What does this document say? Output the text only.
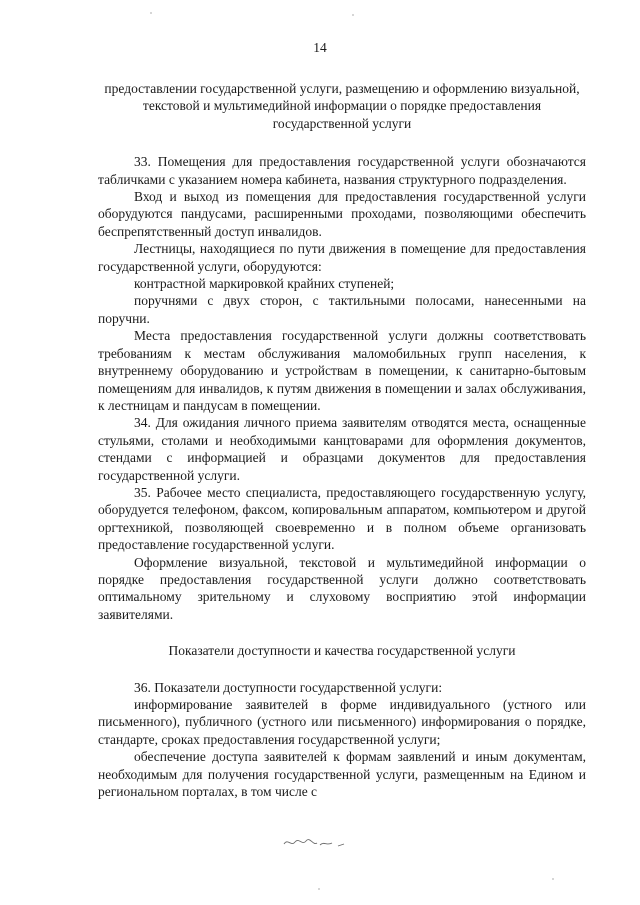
14

предоставлении государственной услуги, размещению и оформлению визуальной, текстовой и мультимедийной информации о порядке предоставления государственной услуги

33. Помещения для предоставления государственной услуги обозначаются табличками с указанием номера кабинета, названия структурного подразделения.

Вход и выход из помещения для предоставления государственной услуги оборудуются пандусами, расширенными проходами, позволяющими обеспечить беспрепятственный доступ инвалидов.

Лестницы, находящиеся по пути движения в помещение для предоставления государственной услуги, оборудуются:

контрастной маркировкой крайних ступеней;

поручнями с двух сторон, с тактильными полосами, нанесенными на поручни.

Места предоставления государственной услуги должны соответствовать требованиям к местам обслуживания маломобильных групп населения, к внутреннему оборудованию и устройствам в помещении, к санитарно-бытовым помещениям для инвалидов, к путям движения в помещении и залах обслуживания, к лестницам и пандусам в помещении.

34. Для ожидания личного приема заявителям отводятся места, оснащенные стульями, столами и необходимыми канцтоварами для оформления документов, стендами с информацией и образцами документов для предоставления государственной услуги.

35. Рабочее место специалиста, предоставляющего государственную услугу, оборудуется телефоном, факсом, копировальным аппаратом, компьютером и другой оргтехникой, позволяющей своевременно и в полном объеме организовать предоставление государственной услуги.

Оформление визуальной, текстовой и мультимедийной информации о порядке предоставления государственной услуги должно соответствовать оптимальному зрительному и слуховому восприятию этой информации заявителями.

Показатели доступности и качества государственной услуги

36. Показатели доступности государственной услуги:

информирование заявителей в форме индивидуального (устного или письменного), публичного (устного или письменного) информирования о порядке, стандарте, сроках предоставления государственной услуги;

обеспечение доступа заявителей к формам заявлений и иным документам, необходимым для получения государственной услуги, размещенным на Едином и региональном порталах, в том числе с
